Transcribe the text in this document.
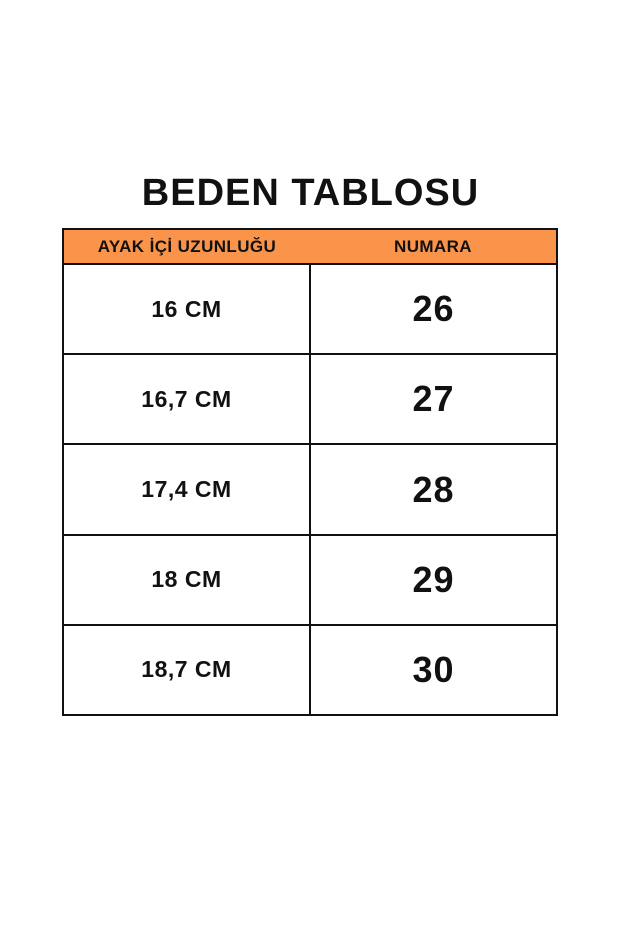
BEDEN TABLOSU
AYAK İÇİ UZUNLUĞU	NUMARA
16 CM	26
16,7 CM	27
17,4 CM	28
18 CM	29
18,7 CM	30
